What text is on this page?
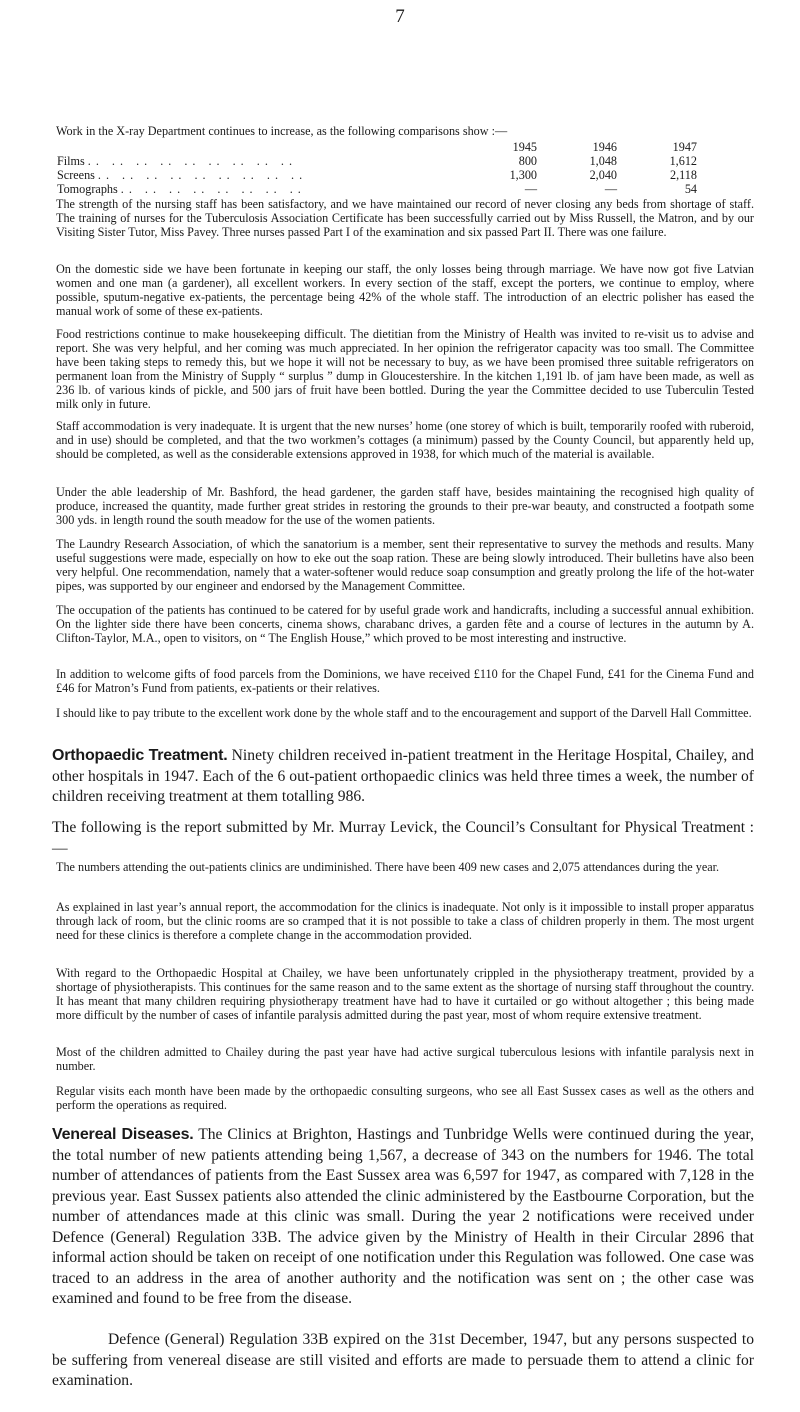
7

Work in the X-ray Department continues to increase, as the following comparisons show :—

	1945	1946	1947
Films .. .. .. .. .. .. .. .. ..	800	1,048	1,612
Screens .. .. .. .. .. .. .. .. ..	1,300	2,040	2,118
Tomographs .. .. .. .. .. .. .. ..	—	—	54

The strength of the nursing staff has been satisfactory, and we have maintained our record of never closing any beds from shortage of staff. The training of nurses for the Tuberculosis Association Certificate has been successfully carried out by Miss Russell, the Matron, and by our Visiting Sister Tutor, Miss Pavey. Three nurses passed Part I of the examination and six passed Part II. There was one failure.

On the domestic side we have been fortunate in keeping our staff, the only losses being through marriage. We have now got five Latvian women and one man (a gardener), all excellent workers. In every section of the staff, except the porters, we continue to employ, where possible, sputum-negative ex-patients, the percentage being 42% of the whole staff. The introduction of an electric polisher has eased the manual work of some of these ex-patients.

Food restrictions continue to make housekeeping difficult. The dietitian from the Ministry of Health was invited to re-visit us to advise and report. She was very helpful, and her coming was much appreciated. In her opinion the refrigerator capacity was too small. The Committee have been taking steps to remedy this, but we hope it will not be necessary to buy, as we have been promised three suitable refrigerators on permanent loan from the Ministry of Supply “ surplus ” dump in Gloucestershire. In the kitchen 1,191 lb. of jam have been made, as well as 236 lb. of various kinds of pickle, and 500 jars of fruit have been bottled. During the year the Committee decided to use Tuberculin Tested milk only in future.

Staff accommodation is very inadequate. It is urgent that the new nurses’ home (one storey of which is built, temporarily roofed with ruberoid, and in use) should be completed, and that the two workmen’s cottages (a minimum) passed by the County Council, but apparently held up, should be completed, as well as the considerable extensions approved in 1938, for which much of the material is available.

Under the able leadership of Mr. Bashford, the head gardener, the garden staff have, besides maintaining the recognised high quality of produce, increased the quantity, made further great strides in restoring the grounds to their pre-war beauty, and constructed a footpath some 300 yds. in length round the south meadow for the use of the women patients.

The Laundry Research Association, of which the sanatorium is a member, sent their representative to survey the methods and results. Many useful suggestions were made, especially on how to eke out the soap ration. These are being slowly introduced. Their bulletins have also been very helpful. One recommendation, namely that a water-softener would reduce soap consumption and greatly prolong the life of the hot-water pipes, was supported by our engineer and endorsed by the Management Committee.

The occupation of the patients has continued to be catered for by useful grade work and handicrafts, including a successful annual exhibition. On the lighter side there have been concerts, cinema shows, charabanc drives, a garden fête and a course of lectures in the autumn by A. Clifton-Taylor, M.A., open to visitors, on “ The English House,” which proved to be most interesting and instructive.

In addition to welcome gifts of food parcels from the Dominions, we have received £110 for the Chapel Fund, £41 for the Cinema Fund and £46 for Matron’s Fund from patients, ex-patients or their relatives.

I should like to pay tribute to the excellent work done by the whole staff and to the encouragement and support of the Darvell Hall Committee.

Orthopaedic Treatment. Ninety children received in-patient treatment in the Heritage Hospital, Chailey, and other hospitals in 1947. Each of the 6 out-patient orthopaedic clinics was held three times a week, the number of children receiving treatment at them totalling 986.

The following is the report submitted by Mr. Murray Levick, the Council’s Consultant for Physical Treatment :—

The numbers attending the out-patients clinics are undiminished. There have been 409 new cases and 2,075 attendances during the year.

As explained in last year’s annual report, the accommodation for the clinics is inadequate. Not only is it impossible to install proper apparatus through lack of room, but the clinic rooms are so cramped that it is not possible to take a class of children properly in them. The most urgent need for these clinics is therefore a complete change in the accommodation provided.

With regard to the Orthopaedic Hospital at Chailey, we have been unfortunately crippled in the physiotherapy treatment, provided by a shortage of physiotherapists. This continues for the same reason and to the same extent as the shortage of nursing staff throughout the country. It has meant that many children requiring physiotherapy treatment have had to have it curtailed or go without altogether ; this being made more difficult by the number of cases of infantile paralysis admitted during the past year, most of whom require extensive treatment.

Most of the children admitted to Chailey during the past year have had active surgical tuberculous lesions with infantile paralysis next in number.

Regular visits each month have been made by the orthopaedic consulting surgeons, who see all East Sussex cases as well as the others and perform the operations as required.

Venereal Diseases. The Clinics at Brighton, Hastings and Tunbridge Wells were continued during the year, the total number of new patients attending being 1,567, a decrease of 343 on the numbers for 1946. The total number of attendances of patients from the East Sussex area was 6,597 for 1947, as compared with 7,128 in the previous year. East Sussex patients also attended the clinic administered by the Eastbourne Corporation, but the number of attendances made at this clinic was small. During the year 2 notifications were received under Defence (General) Regulation 33B. The advice given by the Ministry of Health in their Circular 2896 that informal action should be taken on receipt of one notification under this Regulation was followed. One case was traced to an address in the area of another authority and the notification was sent on ; the other case was examined and found to be free from the disease.

Defence (General) Regulation 33B expired on the 31st December, 1947, but any persons suspected to be suffering from venereal disease are still visited and efforts are made to persuade them to attend a clinic for examination.
